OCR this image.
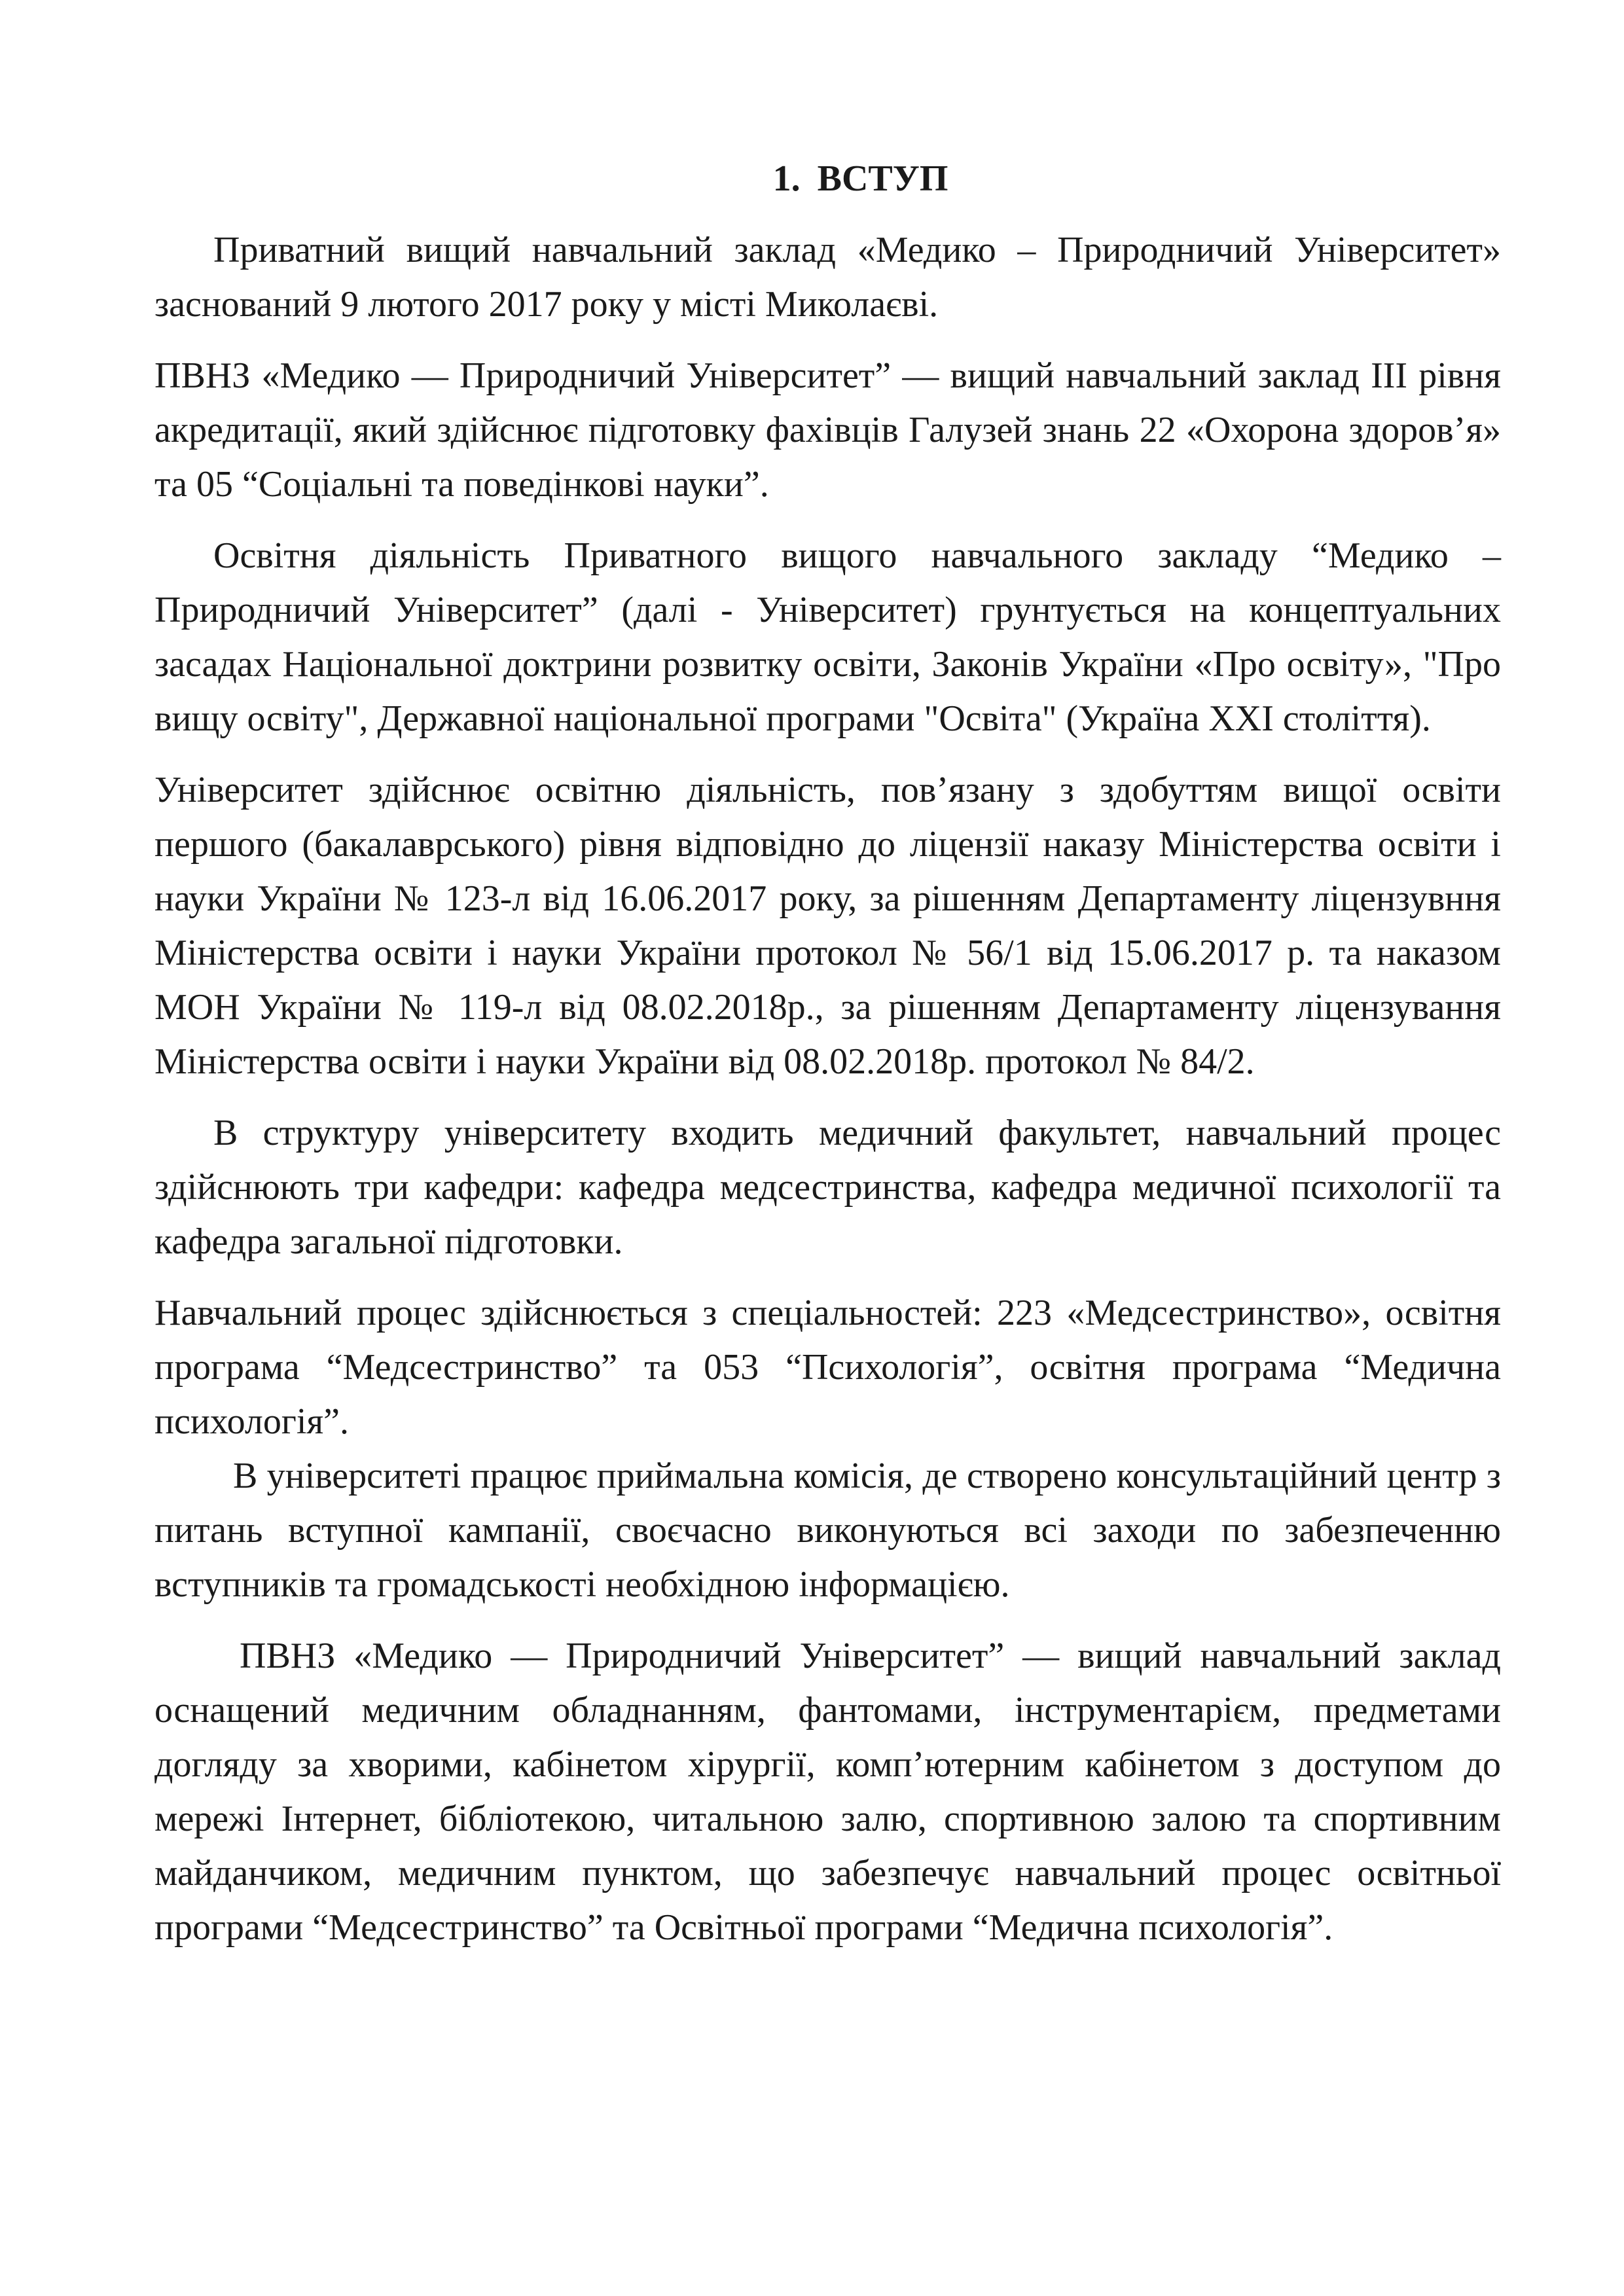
1. ВСТУП

Приватний вищий навчальний заклад «Медико – Природничий Університет» заснований 9 лютого 2017 року у місті Миколаєві.

ПВНЗ «Медико — Природничий Університет” — вищий навчальний заклад ІІІ рівня акредитації, який здійснює підготовку фахівців Галузей знань 22 «Охорона здоров’я» та 05 “Соціальні та поведінкові науки”.

Освітня діяльність Приватного вищого навчального закладу “Медико – Природничий Університет” (далі - Університет) грунтується на концептуальних засадах Національної доктрини розвитку освіти, Законів України «Про освіту», "Про вищу освіту", Державної національної програми "Освіта" (Україна XXI століття).

Університет здійснює освітню діяльність, пов’язану з здобуттям вищої освіти першого (бакалаврського) рівня відповідно до ліцензії наказу Міністерства освіти і науки України № 123-л від 16.06.2017 року, за рішенням Департаменту ліцензувння Міністерства освіти і науки України протокол № 56/1 від 15.06.2017 р. та наказом МОН України № 119-л від 08.02.2018р., за рішенням Департаменту ліцензування Міністерства освіти і науки України від 08.02.2018р. протокол № 84/2.

В структуру університету входить медичний факультет, навчальний процес здійснюють три кафедри: кафедра медсестринства, кафедра медичної психології та кафедра загальної підготовки.

Навчальний процес здійснюється з спеціальностей: 223 «Медсестринство», освітня програма “Медсестринство” та 053 “Психологія”, освітня програма “Медична психологія”.

В університеті працює приймальна комісія, де створено консультаційний центр з питань вступної кампанії, своєчасно виконуються всі заходи по забезпеченню вступників та громадськості необхідною інформацією.

ПВНЗ «Медико — Природничий Університет” — вищий навчальний заклад оснащений медичним обладнанням, фантомами, інструментарієм, предметами догляду за хворими, кабінетом хірургії, комп’ютерним кабінетом з доступом до мережі Інтернет, бібліотекою, читальною залю, спортивною залою та спортивним майданчиком, медичним пунктом, що забезпечує навчальний процес освітньої програми “Медсестринство” та Освітньої програми “Медична психологія”.
